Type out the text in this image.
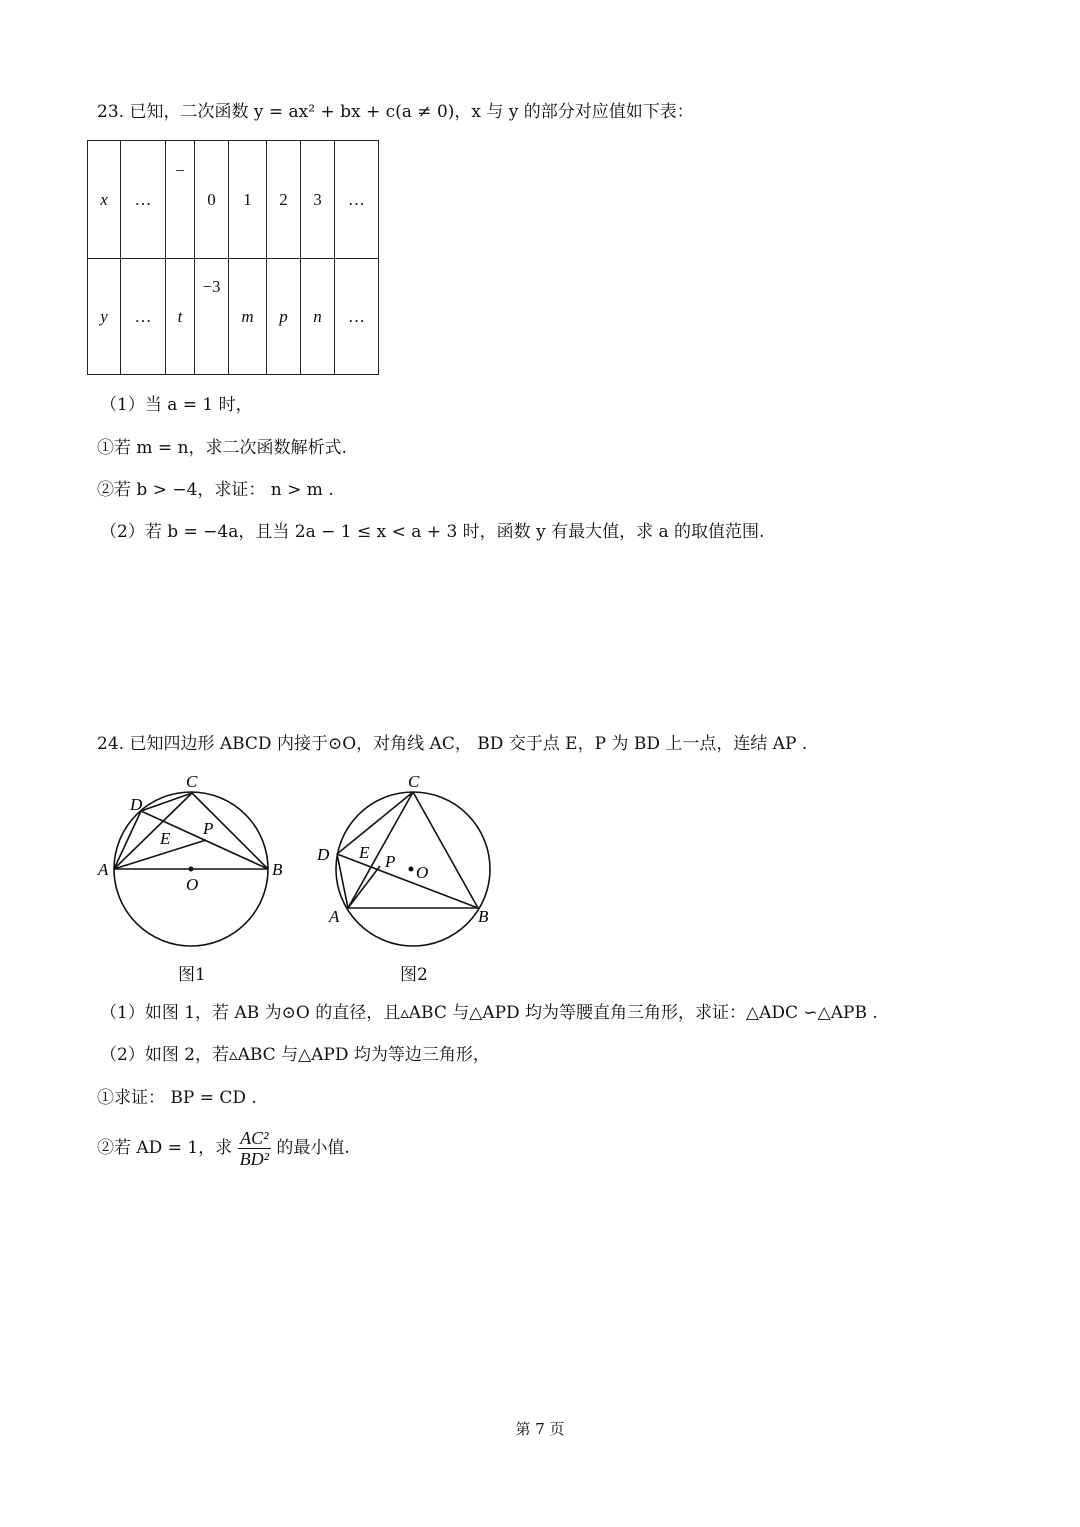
23. 已知，二次函数 y = ax² + bx + c(a ≠ 0)，x 与 y 的部分对应值如下表：
x	…	−	0	1	2	3	…
y	…	t	−3	m	p	n	…
（1）当 a = 1 时，
①若 m = n，求二次函数解析式.
②若 b > −4，求证： n > m .
（2）若 b = −4a，且当 2a − 1 ≤ x < a + 3 时，函数 y 有最大值，求 a 的取值范围.
24. 已知四边形 ABCD 内接于⊙O，对角线 AC， BD 交于点 E，P 为 BD 上一点，连结 AP .
C
D
A	B
E
P
O
图1
C
D
A	B
E P
O
图2
（1）如图 1，若 AB 为⊙O 的直径，且▵ABC 与△APD 均为等腰直角三角形，求证：△ADC ∽△APB .
（2）如图 2，若▵ABC 与△APD 均为等边三角形，
①求证： BP = CD .
②若 AD = 1，求 $\frac{\text{AC²}}{\text{BD²}}$ 的最小值.
第 7 页
